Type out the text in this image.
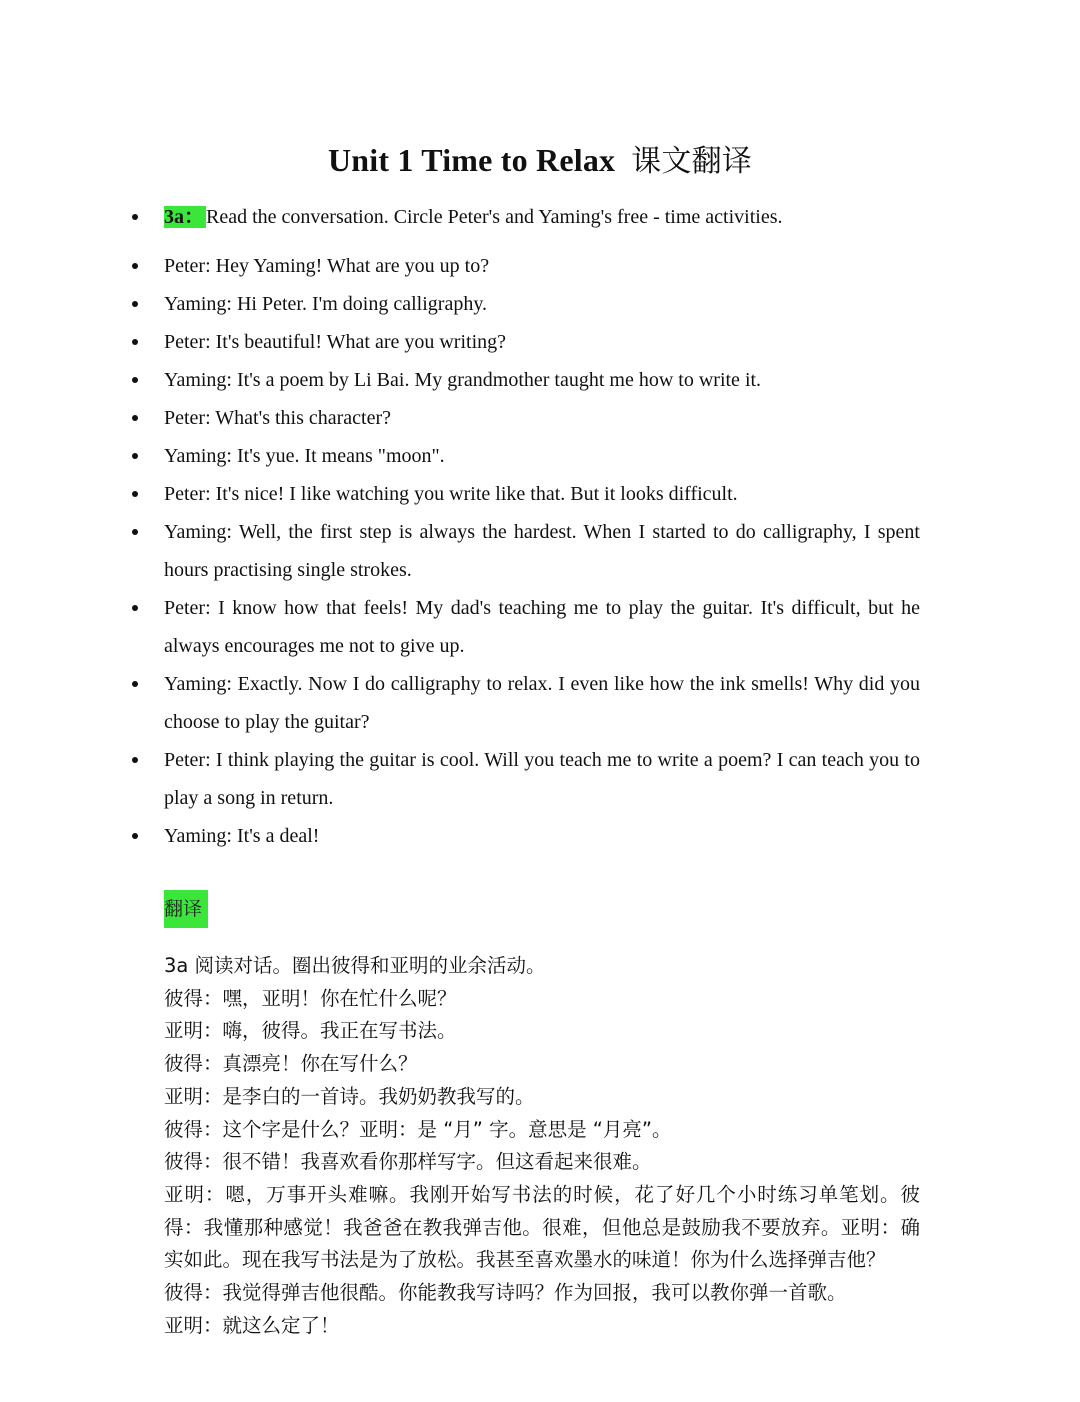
Unit 1 Time to Relax 课文翻译
3a： Read the conversation. Circle Peter's and Yaming's free - time activities.
Peter: Hey Yaming! What are you up to?
Yaming: Hi Peter. I'm doing calligraphy.
Peter: It's beautiful! What are you writing?
Yaming: It's a poem by Li Bai. My grandmother taught me how to write it.
Peter: What's this character?
Yaming: It's yue. It means "moon".
Peter: It's nice! I like watching you write like that. But it looks difficult.
Yaming: Well, the first step is always the hardest. When I started to do calligraphy, I spent hours practising single strokes.
Peter: I know how that feels! My dad's teaching me to play the guitar. It's difficult, but he always encourages me not to give up.
Yaming: Exactly. Now I do calligraphy to relax. I even like how the ink smells! Why did you choose to play the guitar?
Peter: I think playing the guitar is cool. Will you teach me to write a poem? I can teach you to play a song in return.
Yaming: It's a deal!
翻译

3a 阅读对话。圈出彼得和亚明的业余活动。

彼得：嘿，亚明！你在忙什么呢？

亚明：嗨，彼得。我正在写书法。

彼得：真漂亮！你在写什么？

亚明：是李白的一首诗。我奶奶教我写的。

彼得：这个字是什么？亚明：是 “月” 字。意思是 “月亮”。

彼得：很不错！我喜欢看你那样写字。但这看起来很难。

亚明：嗯，万事开头难嘛。我刚开始写书法的时候，花了好几个小时练习单笔划。彼得：我懂那种感觉！我爸爸在教我弹吉他。很难，但他总是鼓励我不要放弃。亚明：确实如此。现在我写书法是为了放松。我甚至喜欢墨水的味道！你为什么选择弹吉他？

彼得：我觉得弹吉他很酷。你能教我写诗吗？作为回报，我可以教你弹一首歌。

亚明：就这么定了！
